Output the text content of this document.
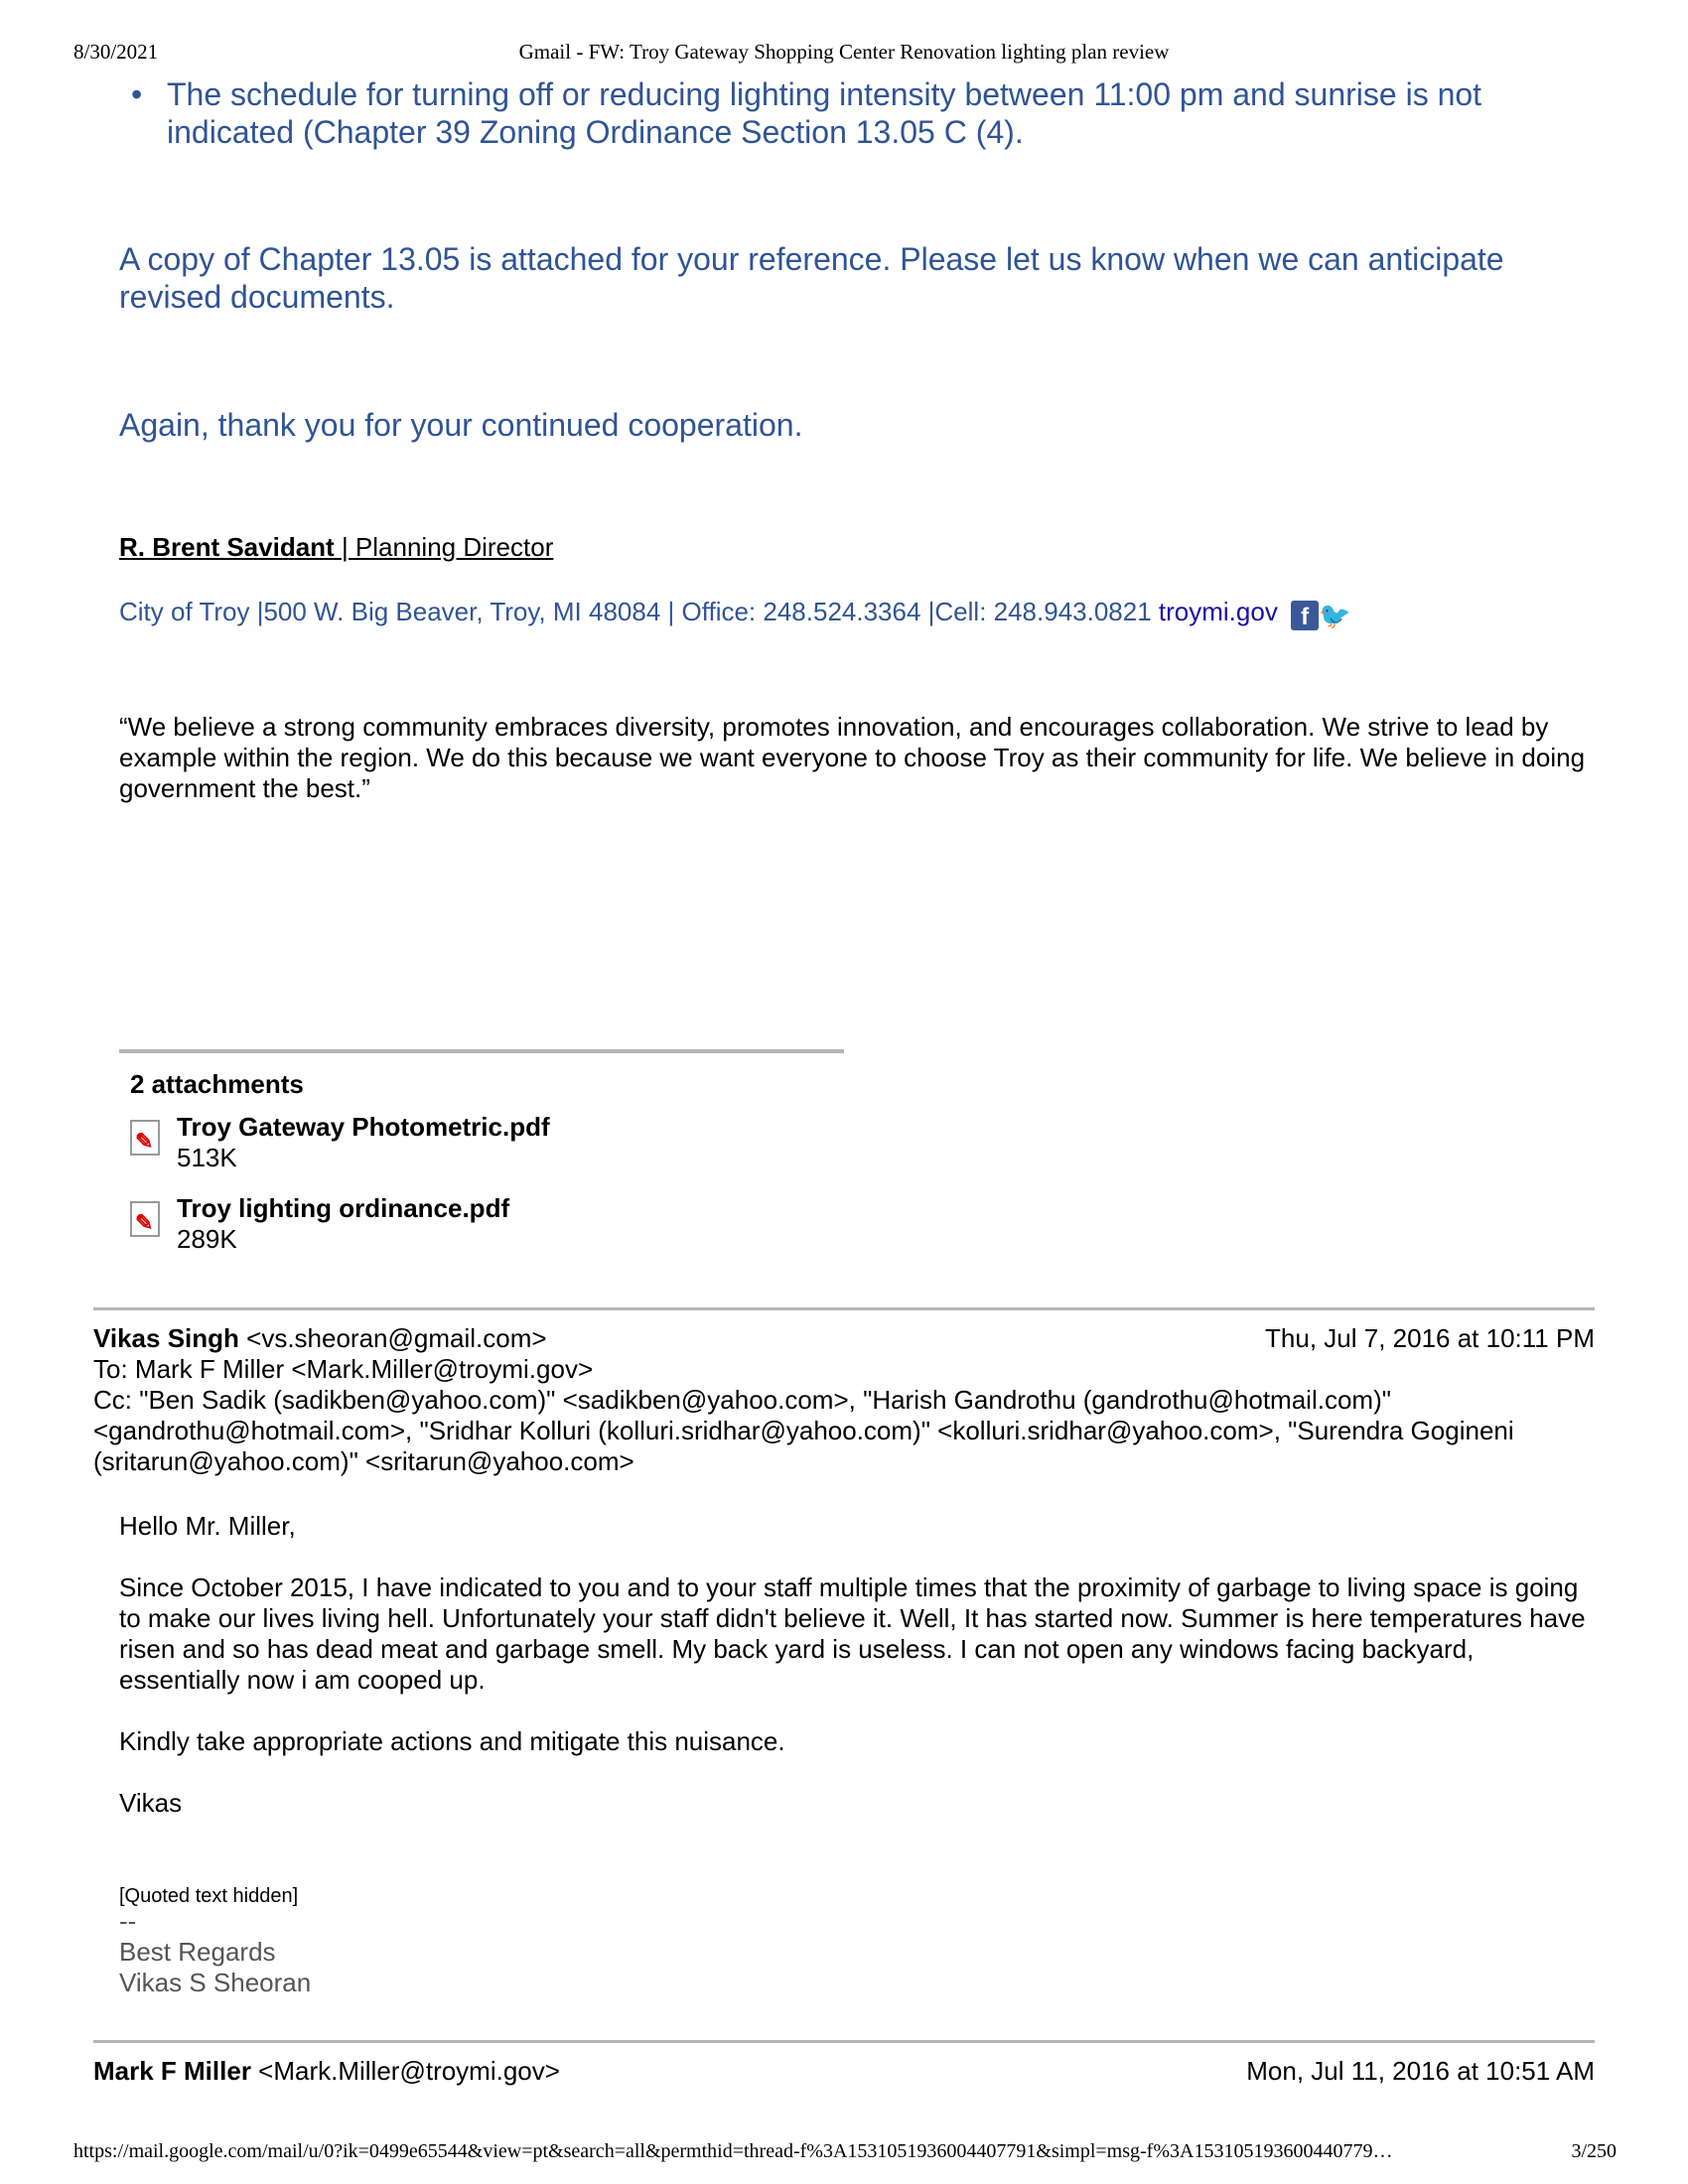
8/30/2021	Gmail - FW: Troy Gateway Shopping Center Renovation lighting plan review
• The schedule for turning off or reducing lighting intensity between 11:00 pm and sunrise is not indicated (Chapter 39 Zoning Ordinance Section 13.05 C (4).
A copy of Chapter 13.05 is attached for your reference. Please let us know when we can anticipate revised documents.
Again, thank you for your continued cooperation.
R. Brent Savidant | Planning Director
City of Troy |500 W. Big Beaver, Troy, MI 48084 | Office: 248.524.3364 |Cell: 248.943.0821 troymi.gov f 🐦
“We believe a strong community embraces diversity, promotes innovation, and encourages collaboration. We strive to lead by example within the region. We do this because we want everyone to choose Troy as their community for life. We believe in doing government the best.”
2 attachments
✎ Troy Gateway Photometric.pdf
513K
✎ Troy lighting ordinance.pdf
289K
Vikas Singh <vs.sheoran@gmail.com>	Thu, Jul 7, 2016 at 10:11 PM
To: Mark F Miller <Mark.Miller@troymi.gov>
Cc: "Ben Sadik (sadikben@yahoo.com)" <sadikben@yahoo.com>, "Harish Gandrothu (gandrothu@hotmail.com)" <gandrothu@hotmail.com>, "Sridhar Kolluri (kolluri.sridhar@yahoo.com)" <kolluri.sridhar@yahoo.com>, "Surendra Gogineni (sritarun@yahoo.com)" <sritarun@yahoo.com>
Hello Mr. Miller,
Since October 2015, I have indicated to you and to your staff multiple times that the proximity of garbage to living space is going to make our lives living hell. Unfortunately your staff didn't believe it. Well, It has started now. Summer is here temperatures have risen and so has dead meat and garbage smell. My back yard is useless. I can not open any windows facing backyard, essentially now i am cooped up.
Kindly take appropriate actions and mitigate this nuisance.
Vikas
[Quoted text hidden]
--
Best Regards
Vikas S Sheoran
Mark F Miller <Mark.Miller@troymi.gov>	Mon, Jul 11, 2016 at 10:51 AM
https://mail.google.com/mail/u/0?ik=0499e65544&view=pt&search=all&permthid=thread-f%3A1531051936004407791&simpl=msg-f%3A153105193600440779…	3/250
